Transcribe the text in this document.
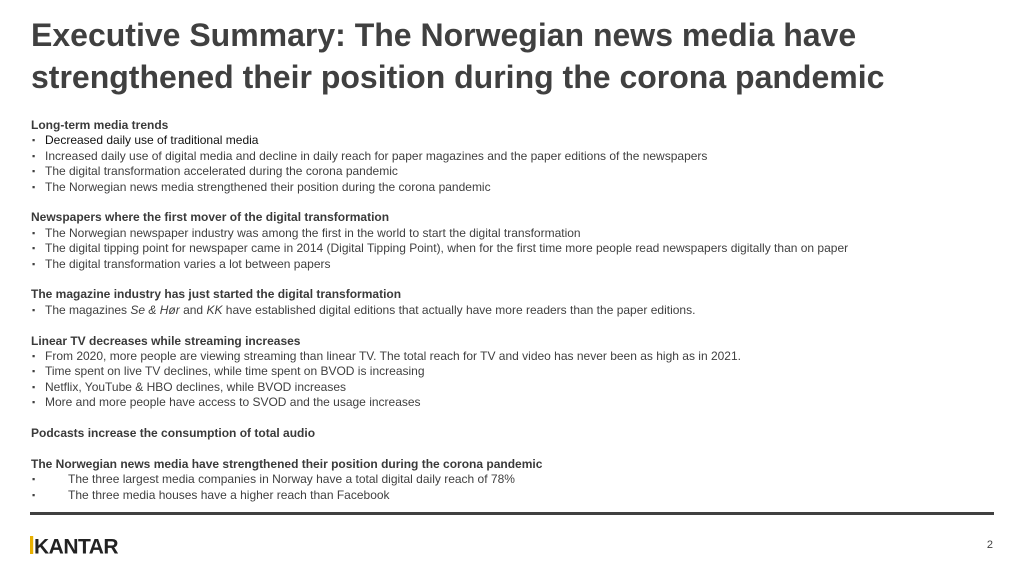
Executive Summary: The Norwegian news media have strengthened their position during the corona pandemic
Long-term media trends
▪ Decreased daily use of traditional media
▪ Increased daily use of digital media and decline in daily reach for paper magazines and the paper editions of the newspapers
▪ The digital transformation accelerated during the corona pandemic
▪ The Norwegian news media strengthened their position during the corona pandemic
Newspapers where the first mover of the digital transformation
▪ The Norwegian newspaper industry was among the first in the world to start the digital transformation
▪ The digital tipping point for newspaper came in 2014 (Digital Tipping Point), when for the first time more people read newspapers digitally than on paper
▪ The digital transformation varies a lot between papers
The magazine industry has just started the digital transformation
▪ The magazines Se & Hør and KK have established digital editions that actually have more readers than the paper editions.
Linear TV decreases while streaming increases
▪ From 2020, more people are viewing streaming than linear TV. The total reach for TV and video has never been as high as in 2021.
▪ Time spent on live TV declines, while time spent on BVOD is increasing
▪ Netflix, YouTube & HBO declines, while BVOD increases
▪ More and more people have access to SVOD and the usage increases
Podcasts increase the consumption of total audio
The Norwegian news media have strengthened their position during the corona pandemic
▪	The three largest media companies in Norway have a total digital daily reach of 78%
▪	The three media houses have a higher reach than Facebook
KANTAR	2
